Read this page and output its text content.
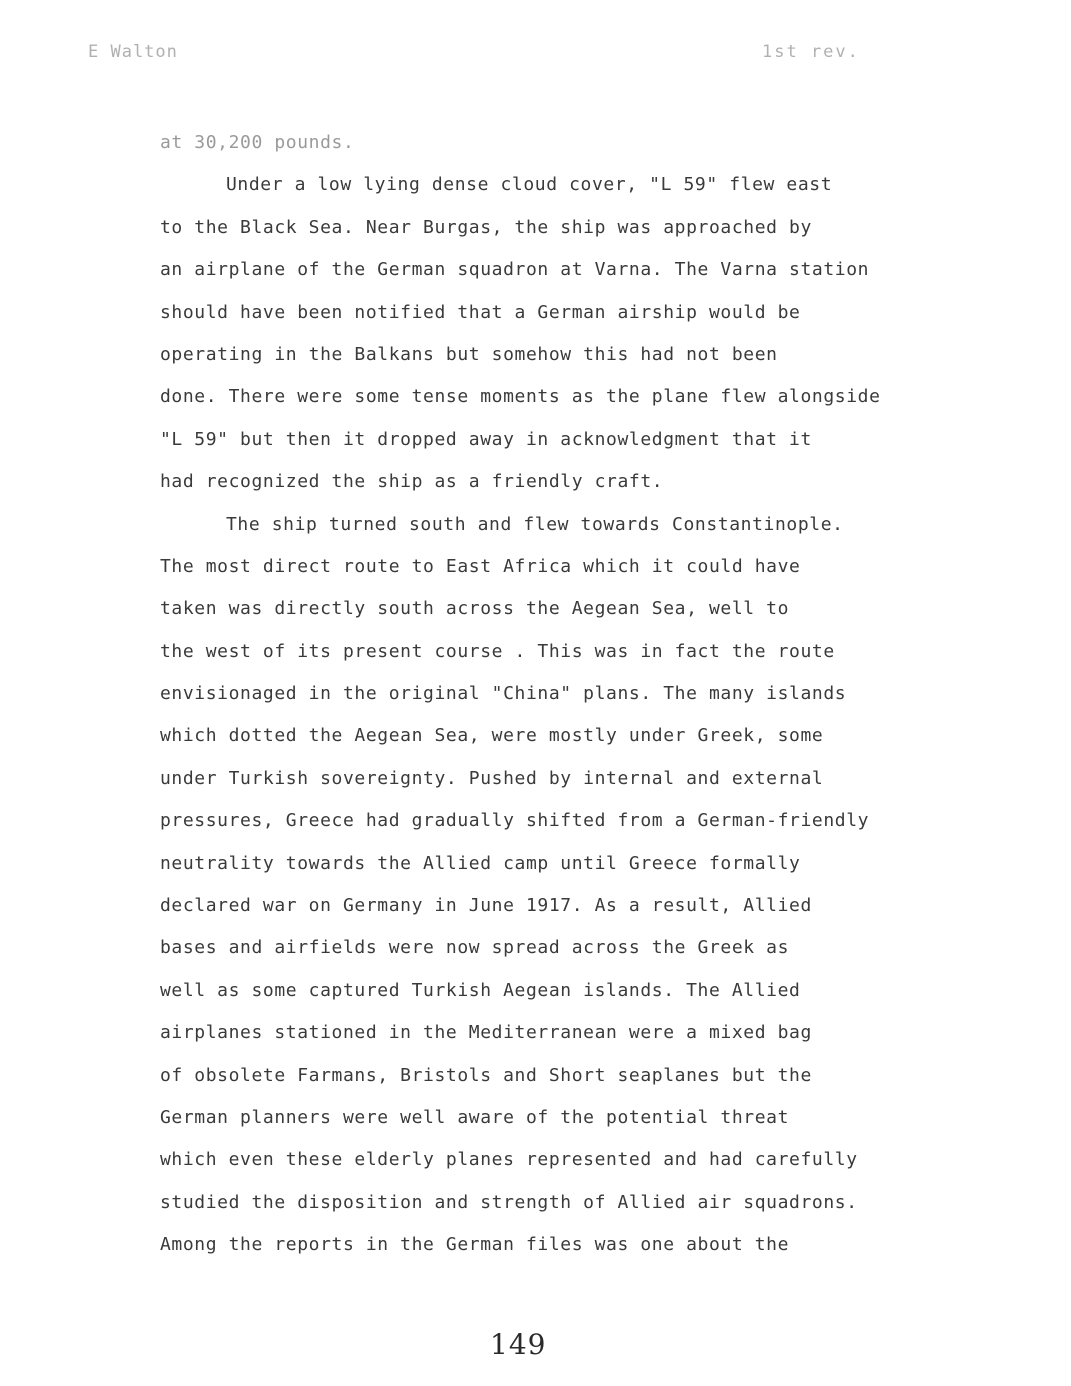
E Walton	1st rev.
at 30,200 pounds.
Under a low lying dense cloud cover, "L 59" flew east
to the Black Sea. Near Burgas, the ship was approached by
an airplane of the German squadron at Varna. The Varna station
should have been notified that a German airship would be
operating in the Balkans but somehow this had not been
done. There were some tense moments as the plane flew alongside
"L 59" but then it dropped away in acknowledgment that it
had recognized the ship as a friendly craft.
The ship turned south and flew towards Constantinople.
The most direct route to East Africa which it could have
taken was directly south across the Aegean Sea, well to
the west of its present course . This was in fact the route
envisionaged in the original "China" plans. The many islands
which dotted the Aegean Sea, were mostly under Greek, some
under Turkish sovereignty. Pushed by internal and external
pressures, Greece had gradually shifted from a German-friendly
neutrality towards the Allied camp until Greece formally
declared war on Germany in June 1917. As a result, Allied
bases and airfields were now spread across the Greek as
well as some captured Turkish Aegean islands. The Allied
airplanes stationed in the Mediterranean were a mixed bag
of obsolete Farmans, Bristols and Short seaplanes but the
German planners were well aware of the potential threat
which even these elderly planes represented and had carefully
studied the disposition and strength of Allied air squadrons.
Among the reports in the German files was one about the
149
